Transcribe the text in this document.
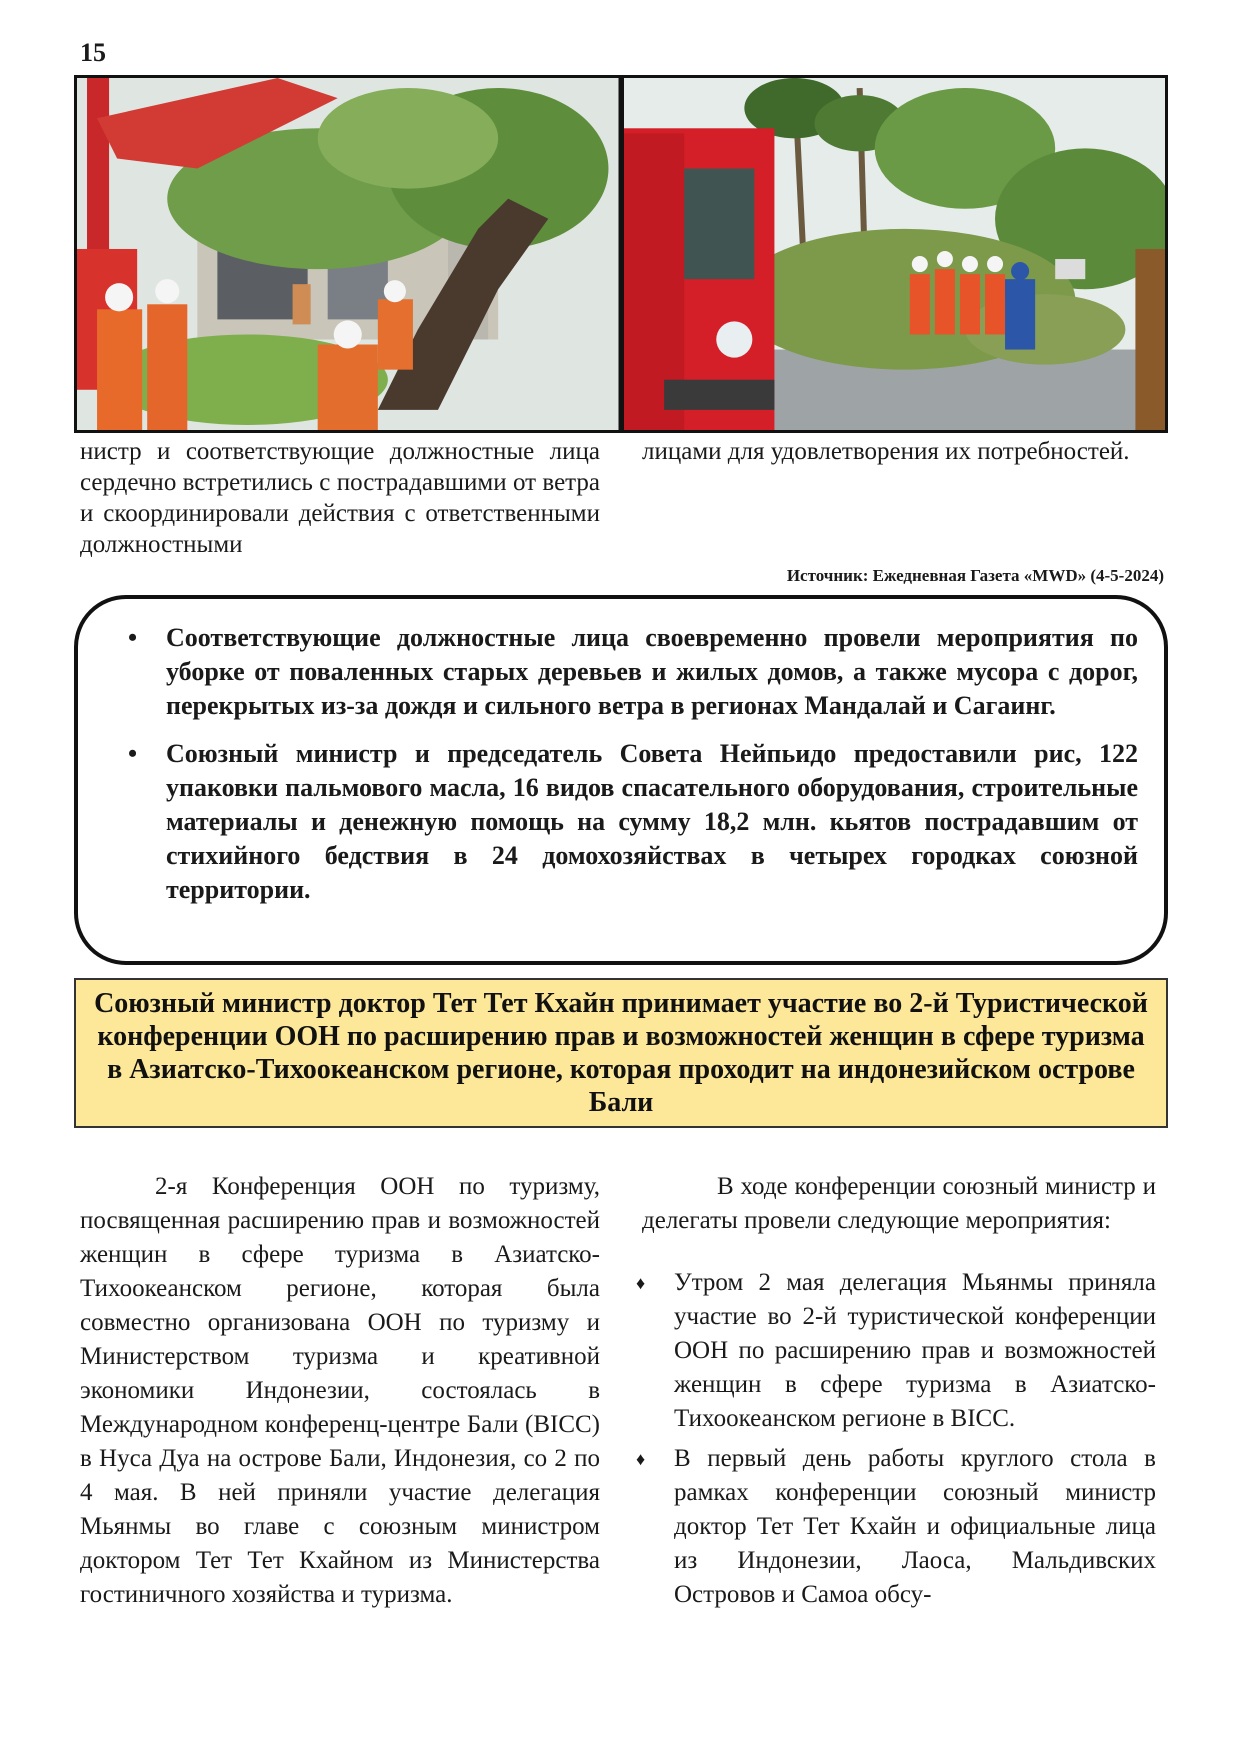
15

нистр и соответствующие должностные лица сердечно встретились с пострадавшими от ветра и скоординировали действия с ответственными должностными

лицами для удовлетворения их потребностей.

Источник: Ежедневная Газета «MWD» (4-5-2024)
• Соответствующие должностные лица своевременно провели мероприятия по уборке от поваленных старых деревьев и жилых домов, а также мусора с дорог, перекрытых из-за дождя и сильного ветра в регионах Мандалай и Сагаинг.
• Союзный министр и председатель Совета Нейпьидо предоставили рис, 122 упаковки пальмового масла, 16 видов спасательного оборудования, строительные материалы и денежную помощь на сумму 18,2 млн. кьятов пострадавшим от стихийного бедствия в 24 домохозяйствах в четырех городках союзной территории.

Союзный министр доктор Тет Тет Кхайн принимает участие во 2-й Туристической конференции ООН по расширению прав и возможностей женщин в сфере туризма в Азиатско-Тихоокеанском регионе, которая проходит на индонезийском острове Бали

2-я Конференция ООН по туризму, посвященная расширению прав и возможностей женщин в сфере туризма в Азиатско-Тихоокеанском регионе, которая была совместно организована ООН по туризму и Министерством туризма и креативной экономики Индонезии, состоялась в Международном конференц-центре Бали (BICC) в Нуса Дуа на острове Бали, Индонезия, со 2 по 4 мая. В ней приняли участие делегация Мьянмы во главе с союзным министром доктором Тет Тет Кхайном из Министерства гостиничного хозяйства и туризма.

В ходе конференции союзный министр и делегаты провели следующие мероприятия:

♦ Утром 2 мая делегация Мьянмы приняла участие во 2-й туристической конференции ООН по расширению прав и возможностей женщин в сфере туризма в Азиатско-Тихоокеанском регионе в BICC.
♦ В первый день работы круглого стола в рамках конференции союзный министр доктор Тет Тет Кхайн и официальные лица из Индонезии, Лаоса, Мальдивских Островов и Самоа обсу-
